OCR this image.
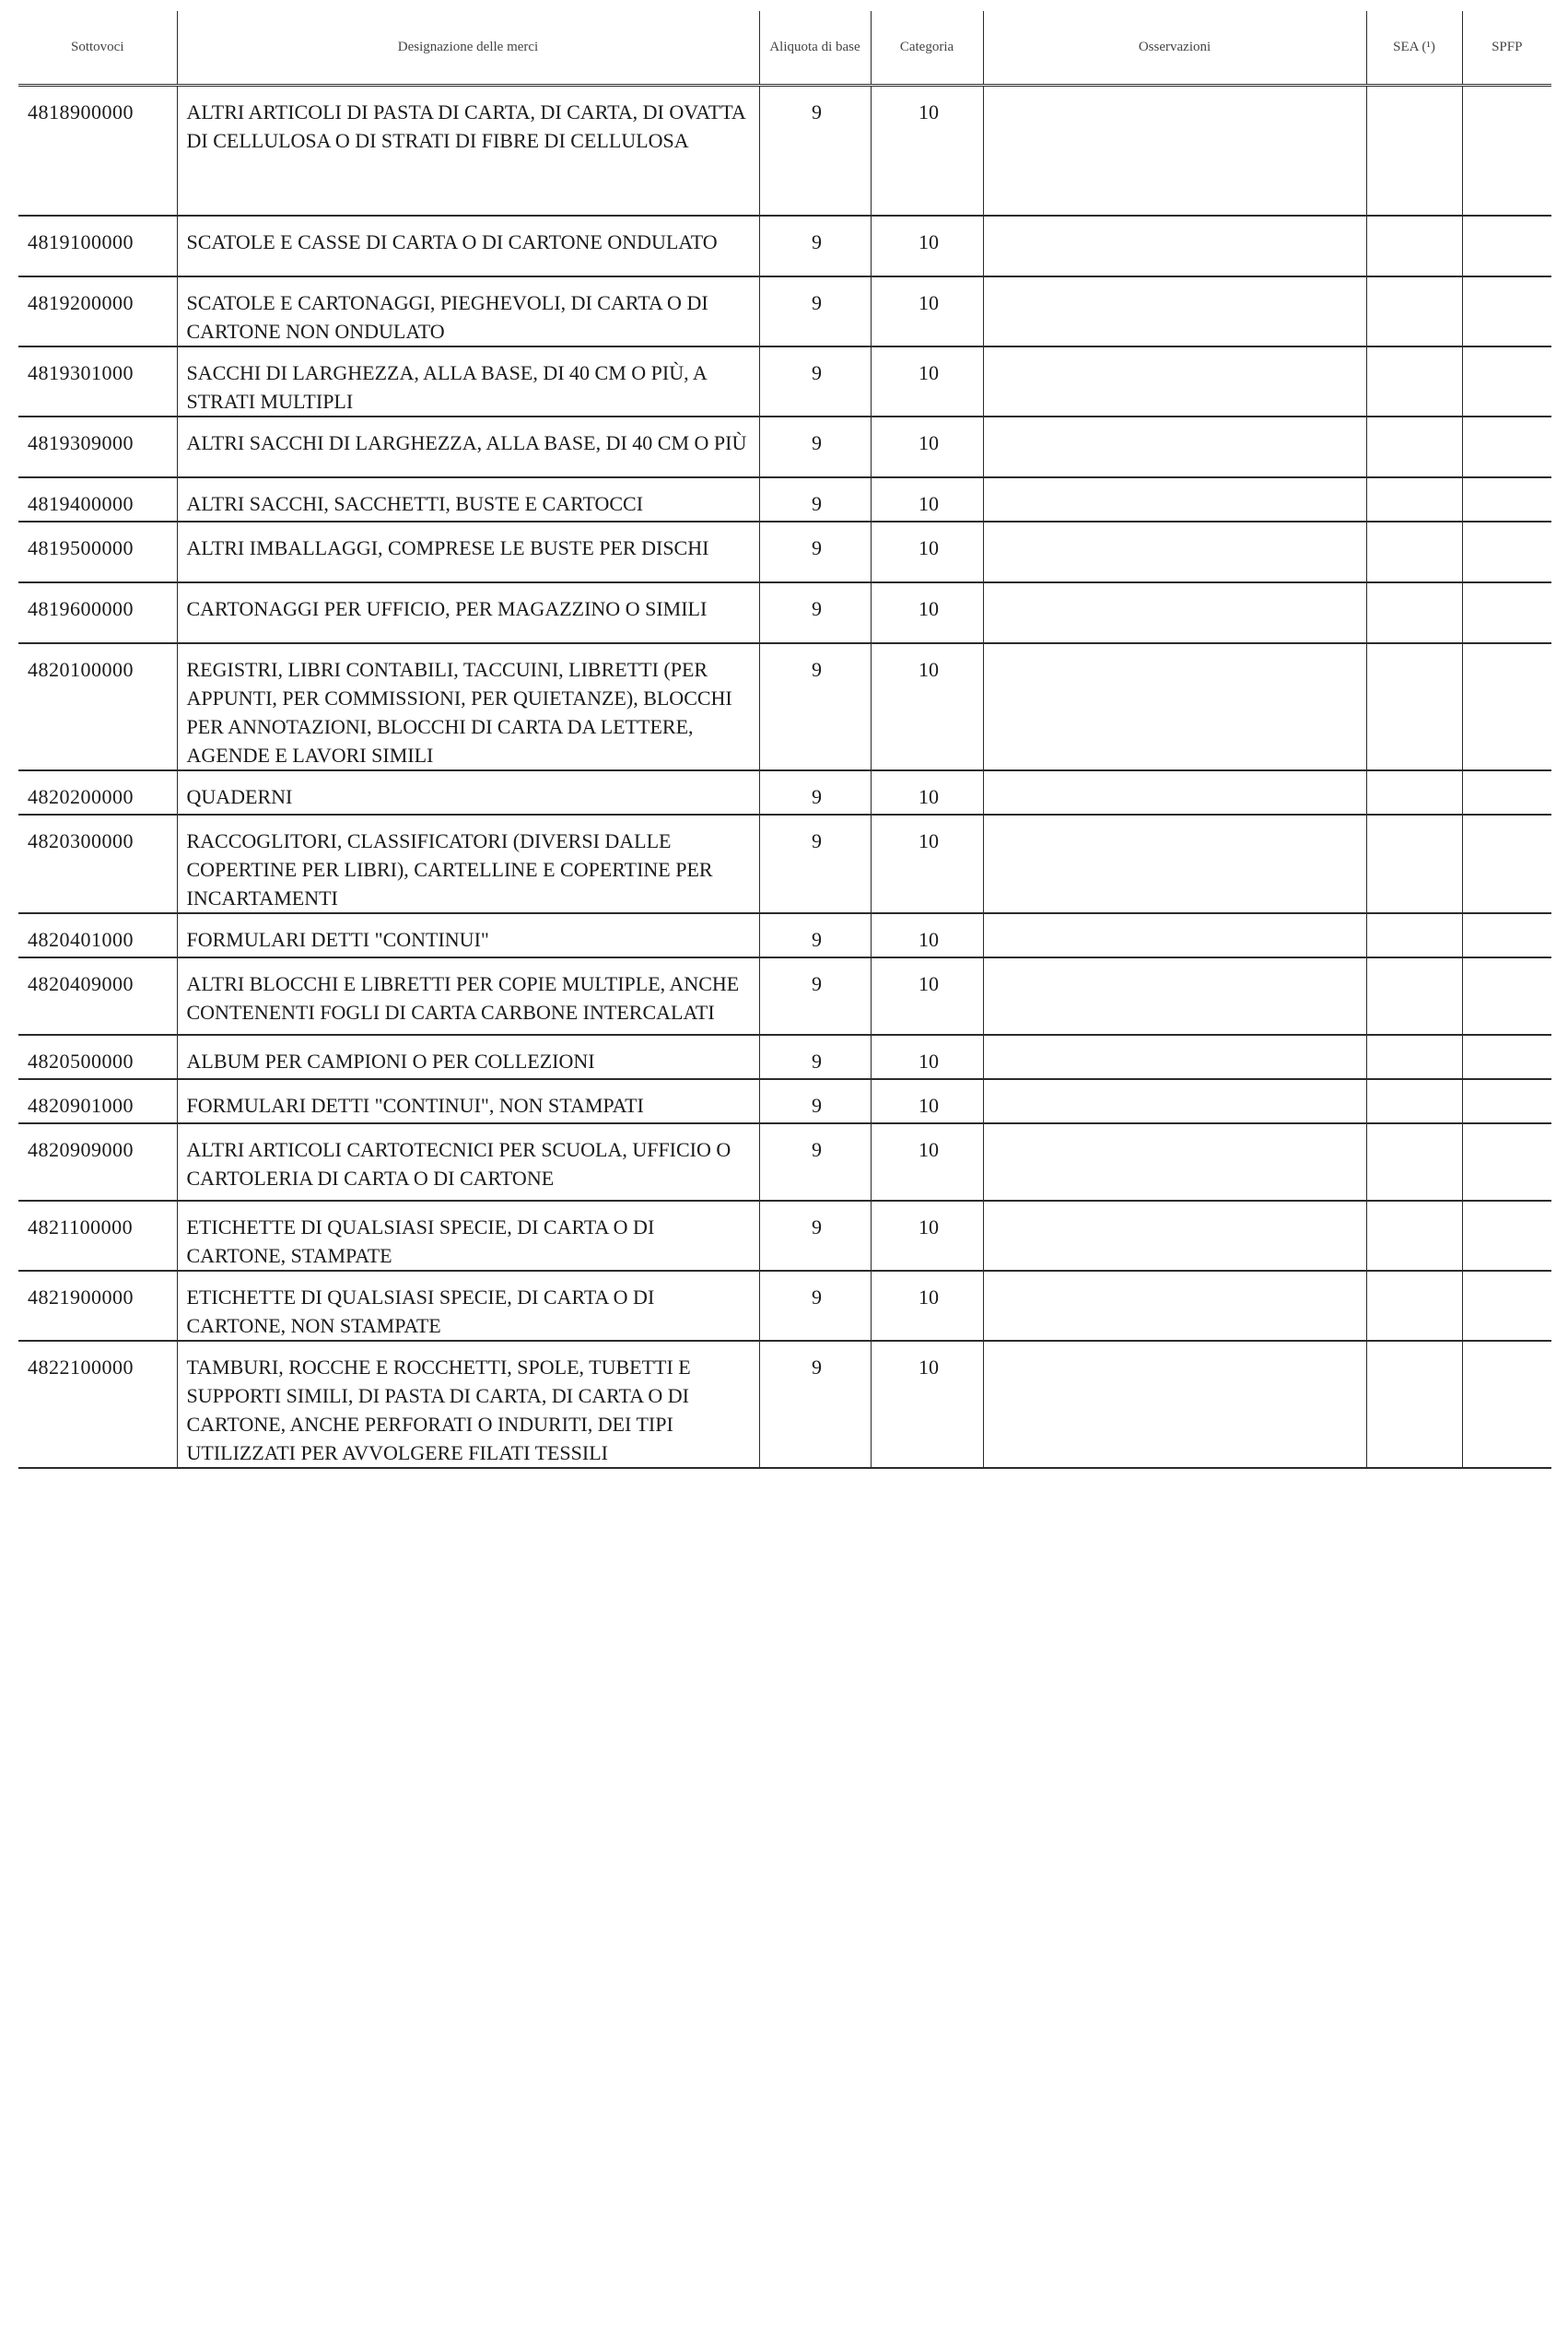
Sottovoci	Designazione delle merci	Aliquota di base	Categoria	Osservazioni	SEA (¹)	SPFP
4818900000	ALTRI ARTICOLI DI PASTA DI CARTA, DI CARTA, DI OVATTA DI CELLULOSA O DI STRATI DI FIBRE DI CELLULOSA	9	10			
4819100000	SCATOLE E CASSE DI CARTA O DI CARTONE ONDULATO	9	10			
4819200000	SCATOLE E CARTONAGGI, PIEGHEVOLI, DI CARTA O DI CARTONE NON ONDULATO	9	10			
4819301000	SACCHI DI LARGHEZZA, ALLA BASE, DI 40 CM O PIÙ, A STRATI MULTIPLI	9	10			
4819309000	ALTRI SACCHI DI LARGHEZZA, ALLA BASE, DI 40 CM O PIÙ	9	10			
4819400000	ALTRI SACCHI, SACCHETTI, BUSTE E CARTOCCI	9	10			
4819500000	ALTRI IMBALLAGGI, COMPRESE LE BUSTE PER DISCHI	9	10			
4819600000	CARTONAGGI PER UFFICIO, PER MAGAZZINO O SIMILI	9	10			
4820100000	REGISTRI, LIBRI CONTABILI, TACCUINI, LIBRETTI (PER APPUNTI, PER COMMISSIONI, PER QUIETANZE), BLOCCHI PER ANNOTAZIONI, BLOCCHI DI CARTA DA LETTERE, AGENDE E LAVORI SIMILI	9	10			
4820200000	QUADERNI	9	10			
4820300000	RACCOGLITORI, CLASSIFICATORI (DIVERSI DALLE COPERTINE PER LIBRI), CARTELLINE E COPERTINE PER INCARTAMENTI	9	10			
4820401000	FORMULARI DETTI "CONTINUI"	9	10			
4820409000	ALTRI BLOCCHI E LIBRETTI PER COPIE MULTIPLE, ANCHE CONTENENTI FOGLI DI CARTA CARBONE INTERCALATI	9	10			
4820500000	ALBUM PER CAMPIONI O PER COLLEZIONI	9	10			
4820901000	FORMULARI DETTI "CONTINUI", NON STAMPATI	9	10			
4820909000	ALTRI ARTICOLI CARTOTECNICI PER SCUOLA, UFFICIO O CARTOLERIA DI CARTA O DI CARTONE	9	10			
4821100000	ETICHETTE DI QUALSIASI SPECIE, DI CARTA O DI CARTONE, STAMPATE	9	10			
4821900000	ETICHETTE DI QUALSIASI SPECIE, DI CARTA O DI CARTONE, NON STAMPATE	9	10			
4822100000	TAMBURI, ROCCHE E ROCCHETTI, SPOLE, TUBETTI E SUPPORTI SIMILI, DI PASTA DI CARTA, DI CARTA O DI CARTONE, ANCHE PERFORATI O INDURITI, DEI TIPI UTILIZZATI PER AVVOLGERE FILATI TESSILI	9	10			
